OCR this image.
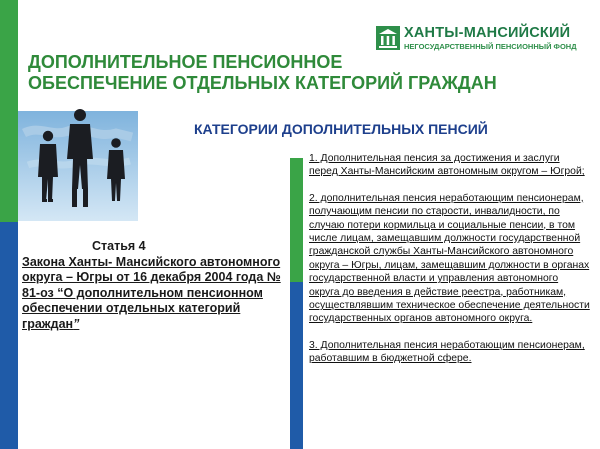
ХАНТЫ-МАНСИЙСКИЙ
НЕГОСУДАРСТВЕННЫЙ ПЕНСИОННЫЙ ФОНД
ДОПОЛНИТЕЛЬНОЕ ПЕНСИОННОЕ
ОБЕСПЕЧЕНИЕ ОТДЕЛЬНЫХ КАТЕГОРИЙ ГРАЖДАН
КАТЕГОРИИ ДОПОЛНИТЕЛЬНЫХ ПЕНСИЙ
Статья 4
Закона Ханты- Мансийского автономного округа – Югры от 16 декабря 2004 года № 81-оз “О дополнительном пенсионном обеспечении отдельных категорий граждан”
1. Дополнительная пенсия за достижения и заслуги перед Ханты-Мансийским автономным округом – Югрой;
2. дополнительная пенсия неработающим пенсионерам, получающим пенсии по старости, инвалидности, по случаю потери кормильца и социальные пенсии, в том числе лицам, замещавшим должности государственной гражданской службы Ханты-Мансийского автономного округа – Югры, лицам, замещавшим должности в органах государственной власти и управления автономного округа до введения в действие реестра, работникам, осуществлявшим техническое обеспечение деятельности государственных органов автономного округа.
3. Дополнительная пенсия неработающим пенсионерам, работавшим в бюджетной сфере.
